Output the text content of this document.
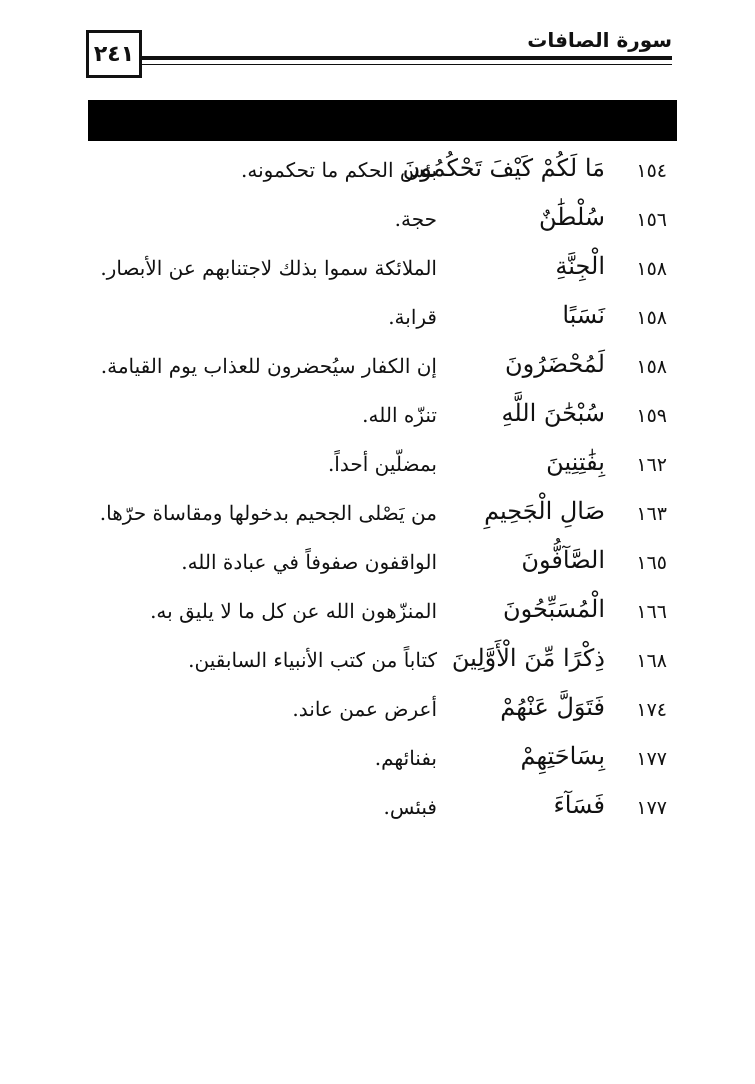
٢٤١
سورة الصافات
١٥٤
مَا لَكُمْ كَيْفَ تَحْكُمُونَ
بئس الحكم ما تحكمونه.
١٥٦
سُلْطَٰنٌ
حجة.
١٥٨
الْجِنَّةِ
الملائكة سموا بذلك لاجتنابهم عن الأبصار.
١٥٨
نَسَبًا
قرابة.
١٥٨
لَمُحْضَرُونَ
إن الكفار سيُحضرون للعذاب يوم القيامة.
١٥٩
سُبْحَٰنَ اللَّهِ
تنزّه الله.
١٦٢
بِفَٰتِنِينَ
بمضلّين أحداً.
١٦٣
صَالِ الْجَحِيمِ
من يَصْلى الجحيم بدخولها ومقاساة حرّها.
١٦٥
الصَّآفُّونَ
الواقفون صفوفاً في عبادة الله.
١٦٦
الْمُسَبِّحُونَ
المنزّهون الله عن كل ما لا يليق به.
١٦٨
ذِكْرًا مِّنَ الْأَوَّلِينَ
كتاباً من كتب الأنبياء السابقين.
١٧٤
فَتَوَلَّ عَنْهُمْ
أعرض عمن عاند.
١٧٧
بِسَاحَتِهِمْ
بفنائهم.
١٧٧
فَسَآءَ
فبئس.
